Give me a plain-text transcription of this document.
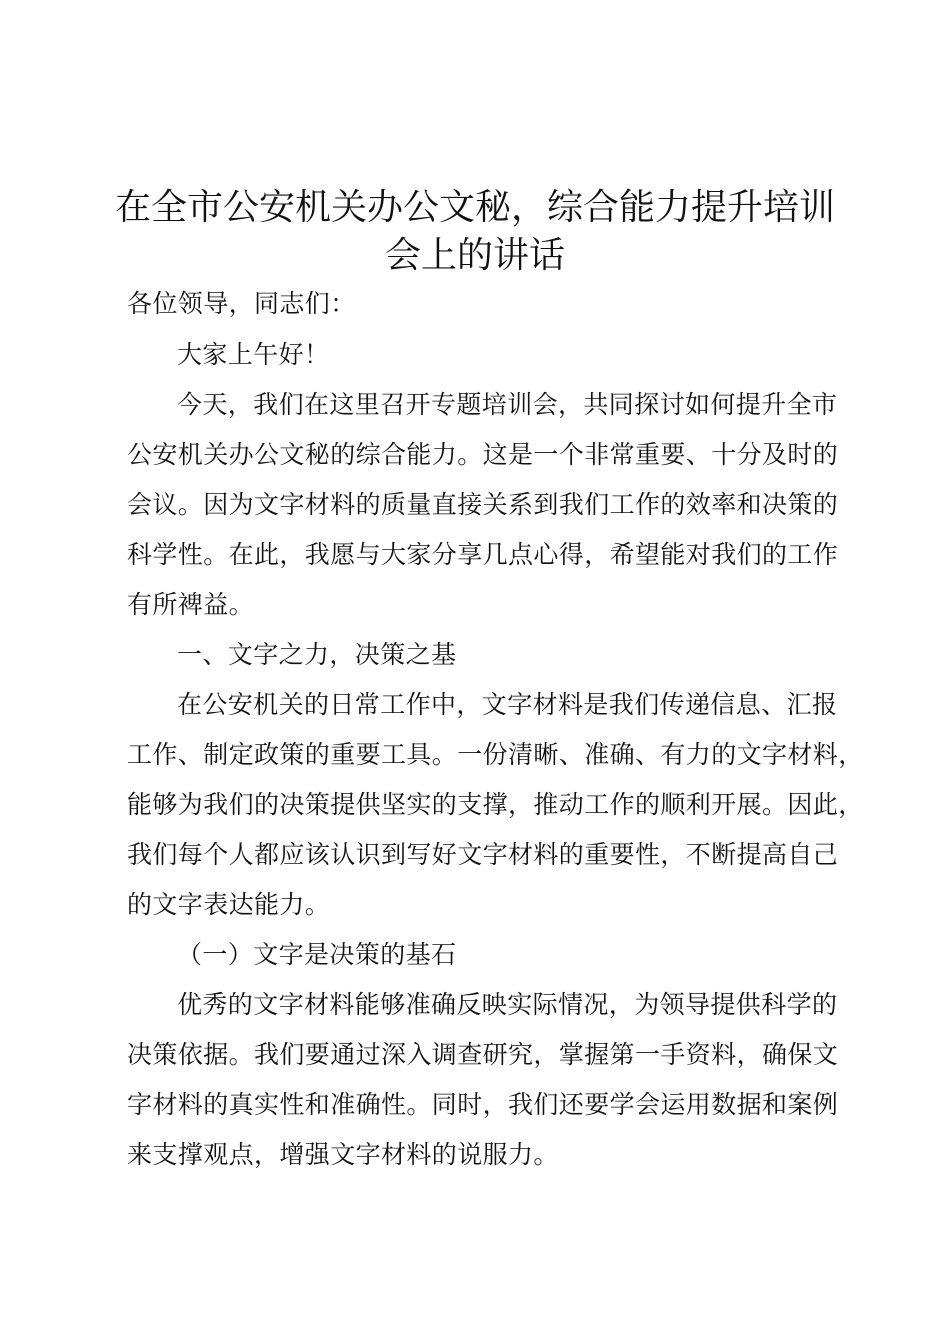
在全市公安机关办公文秘，综合能力提升培训
会上的讲话
各位领导，同志们：
大家上午好！
今天，我们在这里召开专题培训会，共同探讨如何提升全市
公安机关办公文秘的综合能力。这是一个非常重要、十分及时的
会议。因为文字材料的质量直接关系到我们工作的效率和决策的
科学性。在此，我愿与大家分享几点心得，希望能对我们的工作
有所裨益。
一、文字之力，决策之基
在公安机关的日常工作中，文字材料是我们传递信息、汇报
工作、制定政策的重要工具。一份清晰、准确、有力的文字材料，
能够为我们的决策提供坚实的支撑，推动工作的顺利开展。因此，
我们每个人都应该认识到写好文字材料的重要性，不断提高自己
的文字表达能力。
（一）文字是决策的基石
优秀的文字材料能够准确反映实际情况，为领导提供科学的
决策依据。我们要通过深入调查研究，掌握第一手资料，确保文
字材料的真实性和准确性。同时，我们还要学会运用数据和案例
来支撑观点，增强文字材料的说服力。
